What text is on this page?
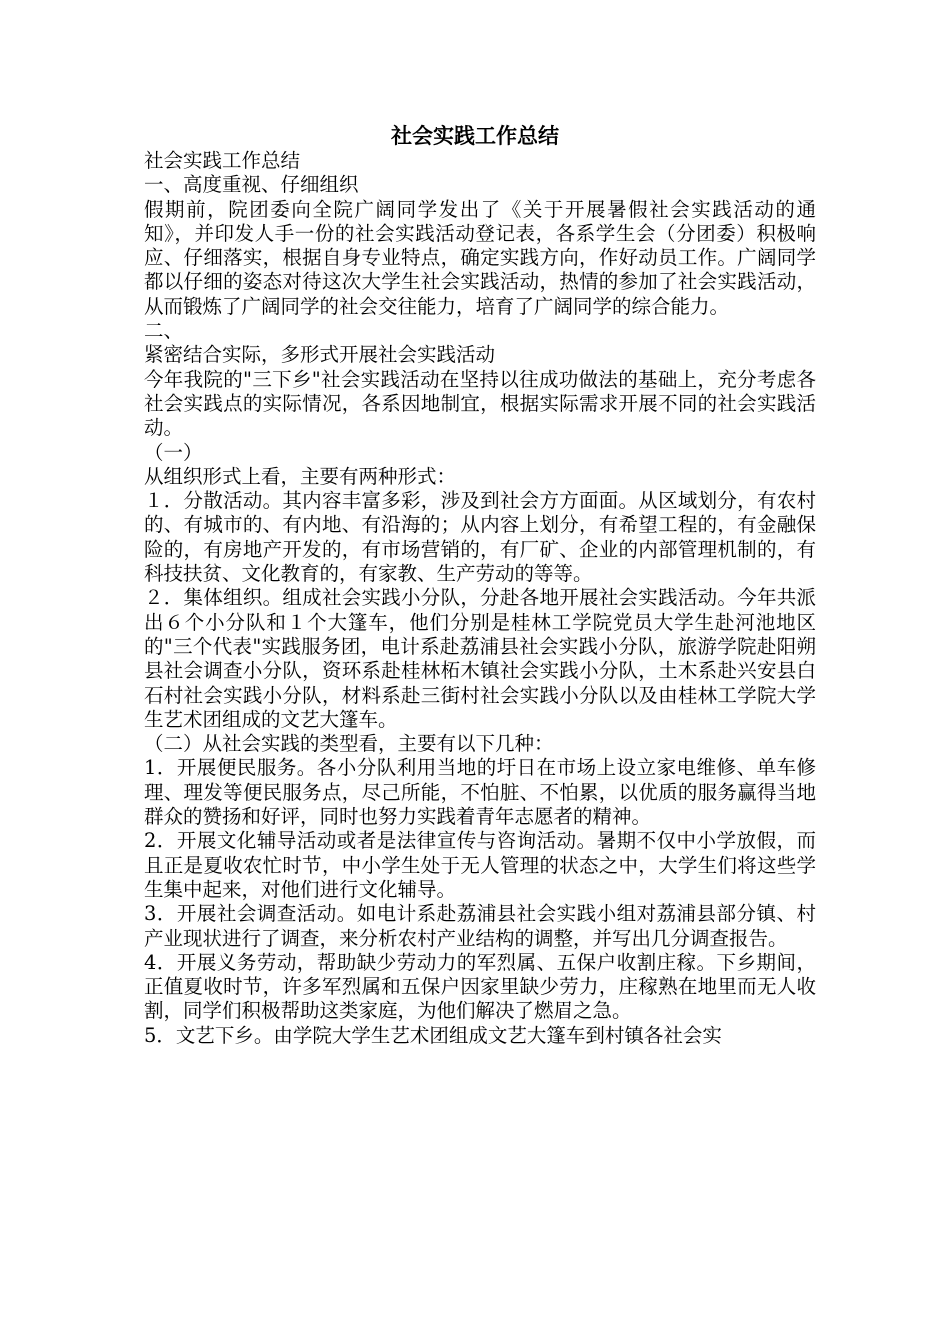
社会实践工作总结

社会实践工作总结

一、高度重视、仔细组织

假期前，院团委向全院广阔同学发出了《关于开展暑假社会实践活动的通知》，并印发人手一份的社会实践活动登记表，各系学生会（分团委）积极响应、仔细落实，根据自身专业特点，确定实践方向，作好动员工作。广阔同学都以仔细的姿态对待这次大学生社会实践活动，热情的参加了社会实践活动，从而锻炼了广阔同学的社会交往能力，培育了广阔同学的综合能力。

二、

紧密结合实际，多形式开展社会实践活动

今年我院的"三下乡"社会实践活动在坚持以往成功做法的基础上，充分考虑各社会实践点的实际情况，各系因地制宜，根据实际需求开展不同的社会实践活动。

（一）

从组织形式上看，主要有两种形式：

１．分散活动。其内容丰富多彩，涉及到社会方方面面。从区域划分，有农村的、有城市的、有内地、有沿海的；从内容上划分，有希望工程的，有金融保险的，有房地产开发的，有市场营销的，有厂矿、企业的内部管理机制的，有科技扶贫、文化教育的，有家教、生产劳动的等等。

２．集体组织。组成社会实践小分队，分赴各地开展社会实践活动。今年共派出６个小分队和１个大篷车，他们分别是桂林工学院党员大学生赴河池地区的"三个代表"实践服务团，电计系赴荔浦县社会实践小分队，旅游学院赴阳朔县社会调查小分队，资环系赴桂林柘木镇社会实践小分队，土木系赴兴安县白石村社会实践小分队，材料系赴三街村社会实践小分队以及由桂林工学院大学生艺术团组成的文艺大篷车。

（二）从社会实践的类型看，主要有以下几种：

1．开展便民服务。各小分队利用当地的圩日在市场上设立家电维修、单车修理、理发等便民服务点，尽己所能，不怕脏、不怕累，以优质的服务赢得当地群众的赞扬和好评，同时也努力实践着青年志愿者的精神。

2．开展文化辅导活动或者是法律宣传与咨询活动。暑期不仅中小学放假，而且正是夏收农忙时节，中小学生处于无人管理的状态之中，大学生们将这些学生集中起来，对他们进行文化辅导。

3．开展社会调查活动。如电计系赴荔浦县社会实践小组对荔浦县部分镇、村产业现状进行了调查，来分析农村产业结构的调整，并写出几分调查报告。

4．开展义务劳动，帮助缺少劳动力的军烈属、五保户收割庄稼。下乡期间，正值夏收时节，许多军烈属和五保户因家里缺少劳力，庄稼熟在地里而无人收割，同学们积极帮助这类家庭，为他们解决了燃眉之急。

5．文艺下乡。由学院大学生艺术团组成文艺大篷车到村镇各社会实
